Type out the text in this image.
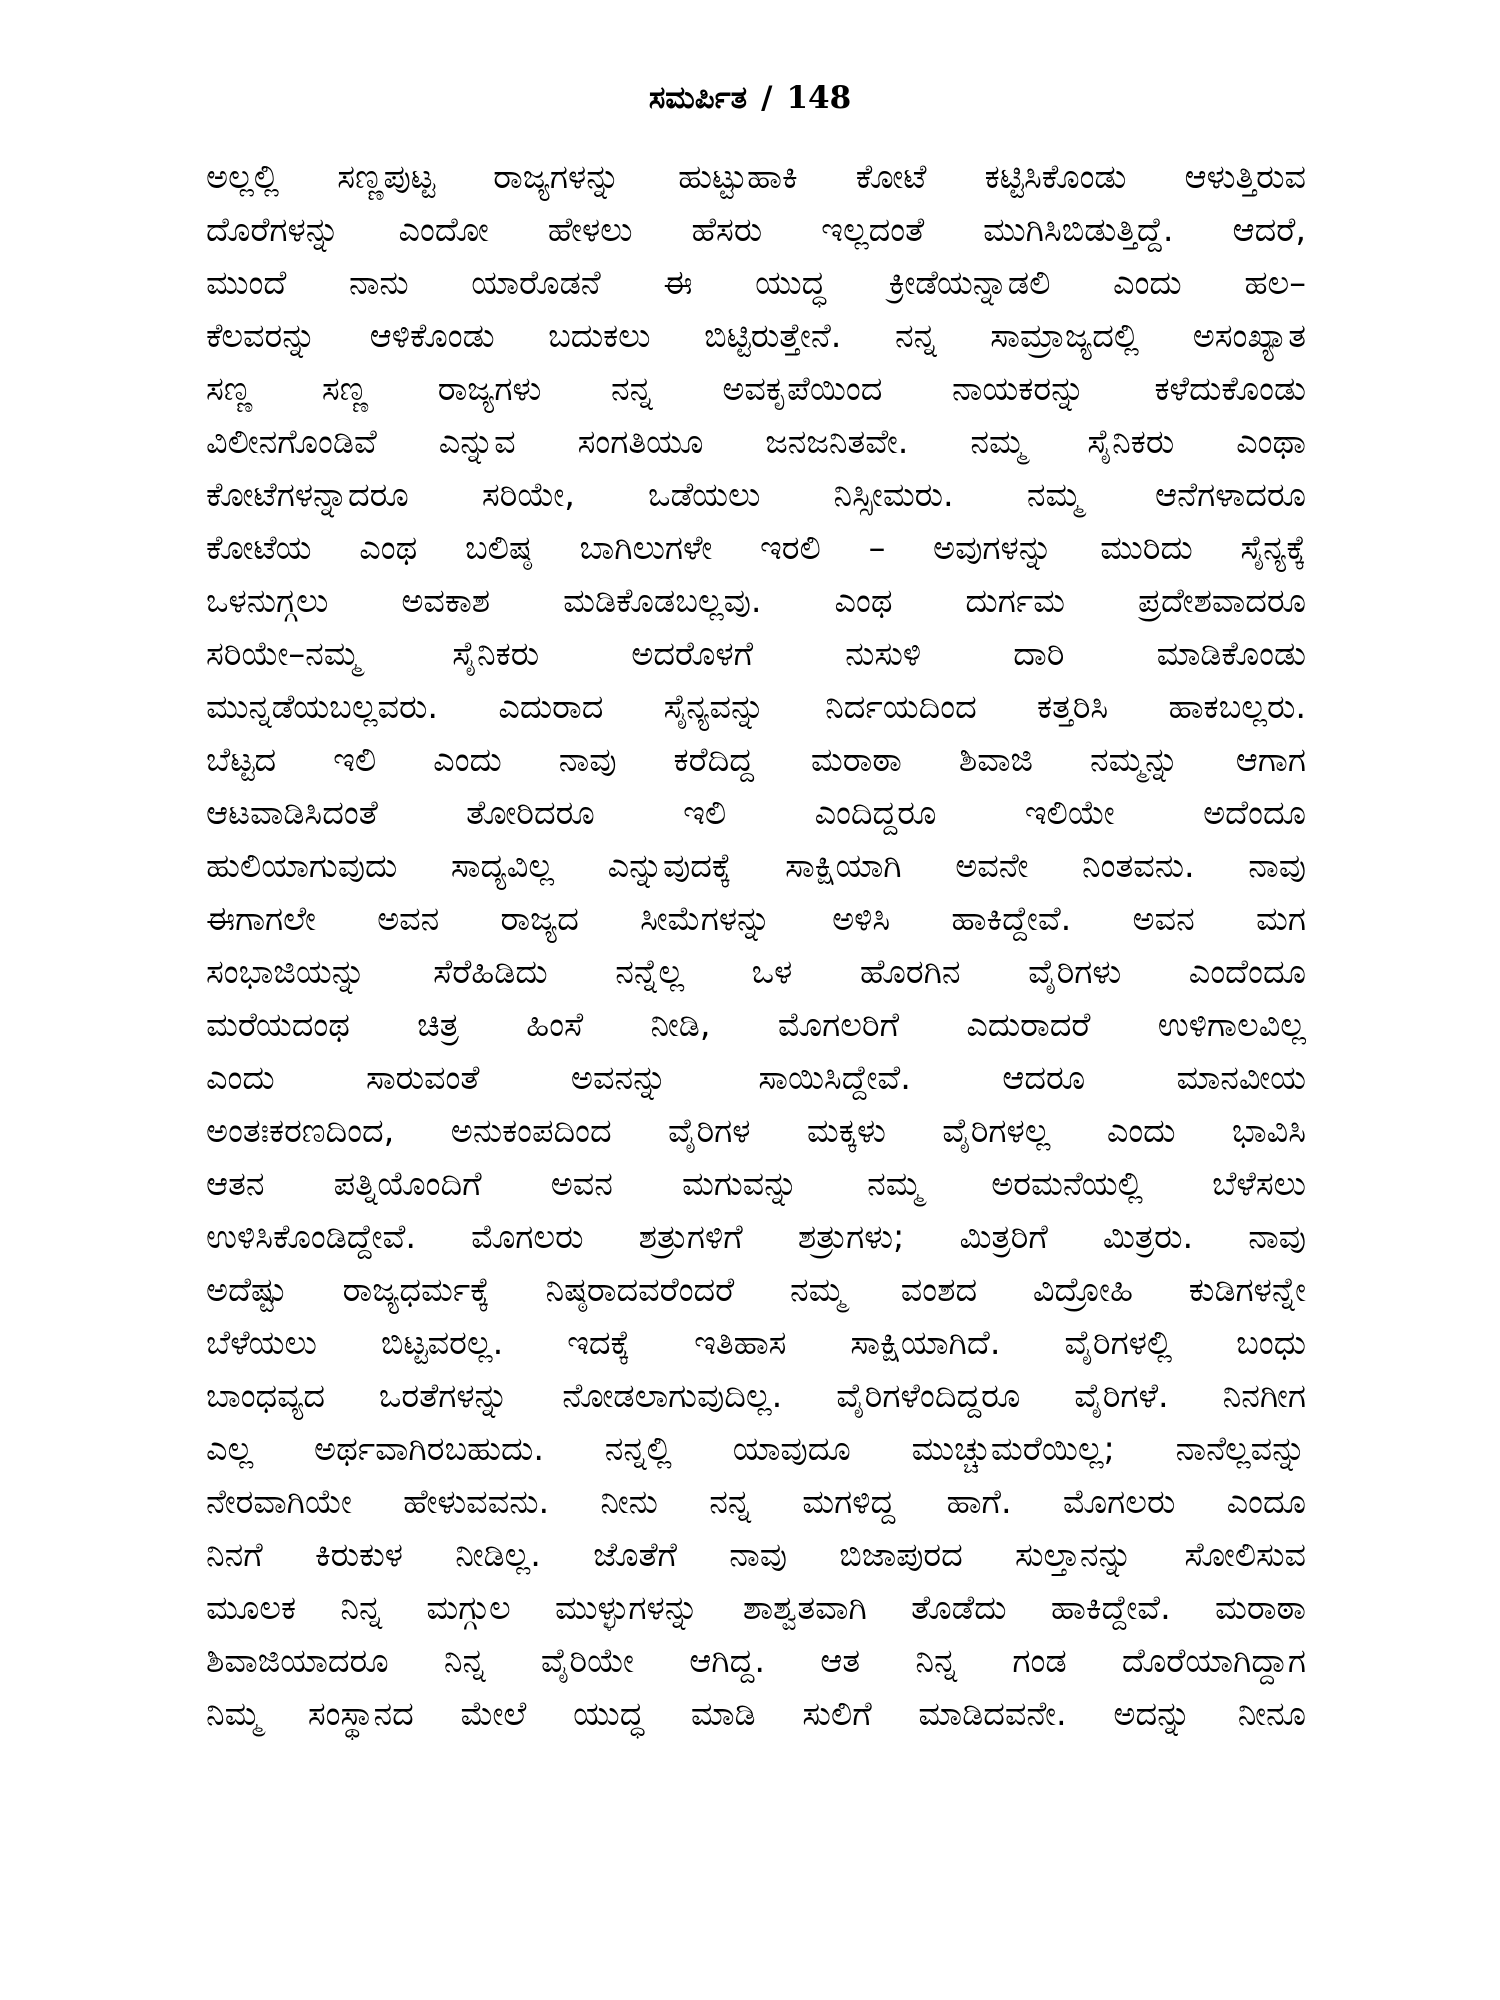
ಸಮರ್ಪಿತ / 148
ಅಲ್ಲಲ್ಲಿ ಸಣ್ಣಪುಟ್ಟ ರಾಜ್ಯಗಳನ್ನು ಹುಟ್ಟುಹಾಕಿ ಕೋಟೆ ಕಟ್ಟಿಸಿಕೊಂಡು ಆಳುತ್ತಿರುವ
ದೊರೆಗಳನ್ನು ಎಂದೋ ಹೇಳಲು ಹೆಸರು ಇಲ್ಲದಂತೆ ಮುಗಿಸಿಬಿಡುತ್ತಿದ್ದೆ. ಆದರೆ,
ಮುಂದೆ ನಾನು ಯಾರೊಡನೆ ಈ ಯುದ್ಧ ಕ್ರೀಡೆಯನ್ನಾಡಲಿ ಎಂದು ಹಲ–
ಕೆಲವರನ್ನು ಆಳಿಕೊಂಡು ಬದುಕಲು ಬಿಟ್ಟಿರುತ್ತೇನೆ. ನನ್ನ ಸಾಮ್ರಾಜ್ಯದಲ್ಲಿ ಅಸಂಖ್ಯಾತ
ಸಣ್ಣ ಸಣ್ಣ ರಾಜ್ಯಗಳು ನನ್ನ ಅವಕೃಪೆಯಿಂದ ನಾಯಕರನ್ನು ಕಳೆದುಕೊಂಡು
ವಿಲೀನಗೊಂಡಿವೆ ಎನ್ನುವ ಸಂಗತಿಯೂ ಜನಜನಿತವೇ. ನಮ್ಮ ಸೈನಿಕರು ಎಂಥಾ
ಕೋಟೆಗಳನ್ನಾದರೂ ಸರಿಯೇ, ಒಡೆಯಲು ನಿಸ್ಸೀಮರು. ನಮ್ಮ ಆನೆಗಳಾದರೂ
ಕೋಟೆಯ ಎಂಥ ಬಲಿಷ್ಠ ಬಾಗಿಲುಗಳೇ ಇರಲಿ – ಅವುಗಳನ್ನು ಮುರಿದು ಸೈನ್ಯಕ್ಕೆ
ಒಳನುಗ್ಗಲು ಅವಕಾಶ ಮಡಿಕೊಡಬಲ್ಲವು. ಎಂಥ ದುರ್ಗಮ ಪ್ರದೇಶವಾದರೂ
ಸರಿಯೇ–ನಮ್ಮ ಸೈನಿಕರು ಅದರೊಳಗೆ ನುಸುಳಿ ದಾರಿ ಮಾಡಿಕೊಂಡು
ಮುನ್ನಡೆಯಬಲ್ಲವರು. ಎದುರಾದ ಸೈನ್ಯವನ್ನು ನಿರ್ದಯದಿಂದ ಕತ್ತರಿಸಿ ಹಾಕಬಲ್ಲರು.
ಬೆಟ್ಟದ ಇಲಿ ಎಂದು ನಾವು ಕರೆದಿದ್ದ ಮರಾಠಾ ಶಿವಾಜಿ ನಮ್ಮನ್ನು ಆಗಾಗ
ಆಟವಾಡಿಸಿದಂತೆ ತೋರಿದರೂ ಇಲಿ ಎಂದಿದ್ದರೂ ಇಲಿಯೇ ಅದೆಂದೂ
ಹುಲಿಯಾಗುವುದು ಸಾದ್ಯವಿಲ್ಲ ಎನ್ನುವುದಕ್ಕೆ ಸಾಕ್ಷಿಯಾಗಿ ಅವನೇ ನಿಂತವನು. ನಾವು
ಈಗಾಗಲೇ ಅವನ ರಾಜ್ಯದ ಸೀಮೆಗಳನ್ನು ಅಳಿಸಿ ಹಾಕಿದ್ದೇವೆ. ಅವನ ಮಗ
ಸಂಭಾಜಿಯನ್ನು ಸೆರೆಹಿಡಿದು ನನ್ನೆಲ್ಲ ಒಳ ಹೊರಗಿನ ವೈರಿಗಳು ಎಂದೆಂದೂ
ಮರೆಯದಂಥ ಚಿತ್ರ ಹಿಂಸೆ ನೀಡಿ, ಮೊಗಲರಿಗೆ ಎದುರಾದರೆ ಉಳಿಗಾಲವಿಲ್ಲ
ಎಂದು ಸಾರುವಂತೆ ಅವನನ್ನು ಸಾಯಿಸಿದ್ದೇವೆ. ಆದರೂ ಮಾನವೀಯ
ಅಂತಃಕರಣದಿಂದ, ಅನುಕಂಪದಿಂದ ವೈರಿಗಳ ಮಕ್ಕಳು ವೈರಿಗಳಲ್ಲ ಎಂದು ಭಾವಿಸಿ
ಆತನ ಪತ್ನಿಯೊಂದಿಗೆ ಅವನ ಮಗುವನ್ನು ನಮ್ಮ ಅರಮನೆಯಲ್ಲಿ ಬೆಳೆಸಲು
ಉಳಿಸಿಕೊಂಡಿದ್ದೇವೆ. ಮೊಗಲರು ಶತ್ರುಗಳಿಗೆ ಶತ್ರುಗಳು; ಮಿತ್ರರಿಗೆ ಮಿತ್ರರು. ನಾವು
ಅದೆಷ್ಟು ರಾಜ್ಯಧರ್ಮಕ್ಕೆ ನಿಷ್ಠರಾದವರೆಂದರೆ ನಮ್ಮ ವಂಶದ ವಿದ್ರೋಹಿ ಕುಡಿಗಳನ್ನೇ
ಬೆಳೆಯಲು ಬಿಟ್ಟವರಲ್ಲ. ಇದಕ್ಕೆ ಇತಿಹಾಸ ಸಾಕ್ಷಿಯಾಗಿದೆ. ವೈರಿಗಳಲ್ಲಿ ಬಂಧು
ಬಾಂಧವ್ಯದ ಒರತೆಗಳನ್ನು ನೋಡಲಾಗುವುದಿಲ್ಲ. ವೈರಿಗಳೆಂದಿದ್ದರೂ ವೈರಿಗಳೆ. ನಿನಗೀಗ
ಎಲ್ಲ ಅರ್ಥವಾಗಿರಬಹುದು. ನನ್ನಲ್ಲಿ ಯಾವುದೂ ಮುಚ್ಚುಮರೆಯಿಲ್ಲ; ನಾನೆಲ್ಲವನ್ನು
ನೇರವಾಗಿಯೇ ಹೇಳುವವನು. ನೀನು ನನ್ನ ಮಗಳಿದ್ದ ಹಾಗೆ. ಮೊಗಲರು ಎಂದೂ
ನಿನಗೆ ಕಿರುಕುಳ ನೀಡಿಲ್ಲ. ಜೊತೆಗೆ ನಾವು ಬಿಜಾಪುರದ ಸುಲ್ತಾನನ್ನು ಸೋಲಿಸುವ
ಮೂಲಕ ನಿನ್ನ ಮಗ್ಗುಲ ಮುಳ್ಳುಗಳನ್ನು ಶಾಶ್ವತವಾಗಿ ತೊಡೆದು ಹಾಕಿದ್ದೇವೆ. ಮರಾಠಾ
ಶಿವಾಜಿಯಾದರೂ ನಿನ್ನ ವೈರಿಯೇ ಆಗಿದ್ದ. ಆತ ನಿನ್ನ ಗಂಡ ದೊರೆಯಾಗಿದ್ದಾಗ
ನಿಮ್ಮ ಸಂಸ್ಥಾನದ ಮೇಲೆ ಯುದ್ಧ ಮಾಡಿ ಸುಲಿಗೆ ಮಾಡಿದವನೇ. ಅದನ್ನು ನೀನೂ
